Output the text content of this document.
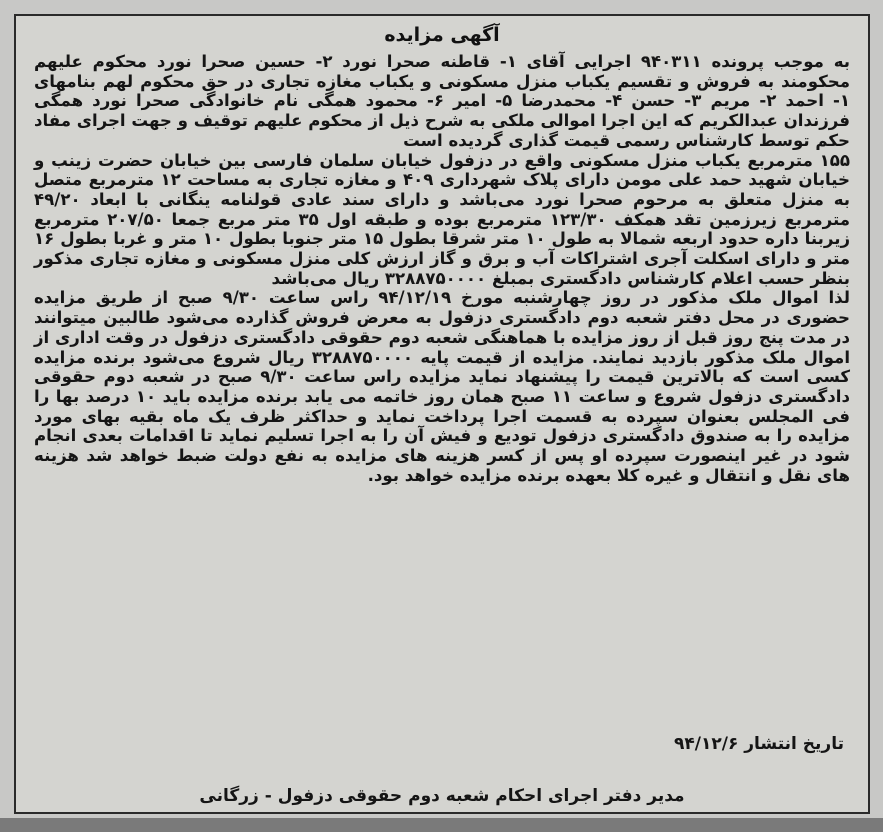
آگهی مزایده

به موجب پرونده ۹۴۰۳۱۱ اجرایی آقای ۱- قاطنه صحرا نورد ۲- حسین صحرا نورد محکوم علیهم محکومند به فروش و تقسیم یکباب منزل مسکونی و یکباب مغازه تجاری در حق محکوم لهم بنامهای ۱- احمد ۲- مریم ۳- حسن ۴- محمدرضا ۵- امیر ۶- محمود همگی نام خانوادگی صحرا نورد همگی فرزندان عبدالکریم که این اجرا اموالی ملکی به شرح ذیل از محکوم علیهم توقیف و جهت اجرای مفاد حکم توسط کارشناس رسمی قیمت گذاری گردیده است

۱۵۵ مترمربع یکباب منزل مسکونی واقع در دزفول خیابان سلمان فارسی بین خیابان حضرت زینب و خیابان شهید حمد علی مومن دارای پلاک شهرداری ۴۰۹ و مغازه تجاری به مساحت ۱۲ مترمربع متصل به منزل متعلق به مرحوم صحرا نورد می‌باشد و دارای سند عادی قولنامه ینگانی با ابعاد ۴۹/۲۰ مترمربع زیرزمین تقد همکف ۱۲۳/۳۰ مترمربع بوده و طبقه اول ۳۵ متر مربع جمعا ۲۰۷/۵۰ مترمربع زیربنا داره حدود اربعه شمالا به طول ۱۰ متر شرقا بطول ۱۵ متر جنوبا بطول ۱۰ متر و غربا بطول ۱۶ متر و دارای اسکلت آجری اشتراکات آب و برق و گاز ارزش کلی منزل مسکونی و مغازه تجاری مذکور بنظر حسب اعلام کارشناس دادگستری بمبلغ ۳۲۸۸۷۵۰۰۰۰ ریال می‌باشد

لذا اموال ملک مذکور در روز چهارشنبه مورخ ۹۴/۱۲/۱۹ راس ساعت ۹/۳۰ صبح از طریق مزایده حضوری در محل دفتر شعبه دوم دادگستری دزفول به معرض فروش گذارده می‌شود طالبین میتوانند در مدت پنج روز قبل از روز مزایده با هماهنگی شعبه دوم حقوقی دادگستری دزفول در وقت اداری از اموال ملک مذکور بازدید نمایند. مزایده از قیمت پایه ۳۲۸۸۷۵۰۰۰۰ ریال شروع می‌شود برنده مزایده کسی است که بالاترین قیمت را پیشنهاد نماید مزایده راس ساعت ۹/۳۰ صبح در شعبه دوم حقوقی دادگستری دزفول شروع و ساعت ۱۱ صبح همان روز خاتمه می یابد برنده مزایده باید ۱۰ درصد بها را فی المجلس بعنوان سپرده به قسمت اجرا پرداخت نماید و حداکثر ظرف یک ماه بقیه بهای مورد مزایده را به صندوق دادگستری دزفول تودیع و فیش آن را به اجرا تسلیم نماید تا اقدامات بعدی انجام شود در غیر اینصورت سپرده او پس از کسر هزینه های مزایده به نفع دولت ضبط خواهد شد هزینه های نقل و انتقال و غیره کلا بعهده برنده مزایده خواهد بود.

تاریخ انتشار ۹۴/۱۲/۶
مدیر دفتر اجرای احکام شعبه دوم حقوقی دزفول - زرگانی
